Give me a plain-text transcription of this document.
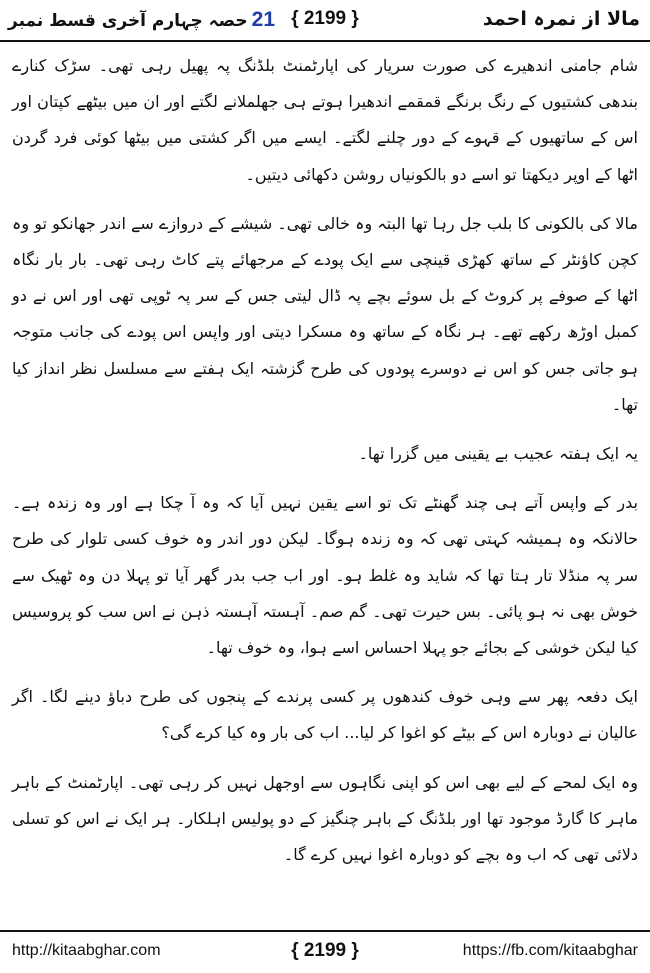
مالا از نمرہ احمد
{ 2199 }
حصہ چہارم آخری قسط نمبر 21

شام جامنی اندھیرے کی صورت سریار کی اپارٹمنٹ بلڈنگ پہ پھیل رہی تھی۔ سڑک کنارے بندھی کشتیوں کے رنگ برنگے قمقمے اندھیرا ہوتے ہی جھلملانے لگتے اور ان میں بیٹھے کپتان اور اس کے ساتھیوں کے قہوے کے دور چلنے لگتے۔ ایسے میں اگر کشتی میں بیٹھا کوئی فرد گردن اٹھا کے اوپر دیکھتا تو اسے دو بالکونیاں روشن دکھائی دیتیں۔

مالا کی بالکونی کا بلب جل رہا تھا البتہ وہ خالی تھی۔ شیشے کے دروازے سے اندر جھانکو تو وہ کچن کاؤنٹر کے ساتھ کھڑی قینچی سے ایک پودے کے مرجھائے پتے کاٹ رہی تھی۔ بار بار نگاہ اٹھا کے صوفے پر کروٹ کے بل سوئے بچے پہ ڈال لیتی جس کے سر پہ ٹوپی تھی اور اس نے دو کمبل اوڑھ رکھے تھے۔ ہر نگاہ کے ساتھ وہ مسکرا دیتی اور واپس اس پودے کی جانب متوجہ ہو جاتی جس کو اس نے دوسرے پودوں کی طرح گزشتہ ایک ہفتے سے مسلسل نظر انداز کیا تھا۔

یہ ایک ہفتہ عجیب بے یقینی میں گزرا تھا۔

بدر کے واپس آتے ہی چند گھنٹے تک تو اسے یقین نہیں آیا کہ وہ آ چکا ہے اور وہ زندہ ہے۔ حالانکہ وہ ہمیشہ کہتی تھی کہ وہ زندہ ہوگا۔ لیکن دور اندر وہ خوف کسی تلوار کی طرح سر پہ منڈلا تار ہتا تھا کہ شاید وہ غلط ہو۔ اور اب جب بدر گھر آیا تو پہلا دن وہ ٹھیک سے خوش بھی نہ ہو پائی۔ بس حیرت تھی۔ گم صم۔ آہستہ آہستہ ذہن نے اس سب کو پروسیس کیا لیکن خوشی کے بجائے جو پہلا احساس اسے ہوا، وہ خوف تھا۔

ایک دفعہ پھر سے وہی خوف کندھوں پر کسی پرندے کے پنجوں کی طرح دباؤ دینے لگا۔ اگر عالیان نے دوبارہ اس کے بیٹے کو اغوا کر لیا... اب کی بار وہ کیا کرے گی؟

وہ ایک لمحے کے لیے بھی اس کو اپنی نگاہوں سے اوجھل نہیں کر رہی تھی۔ اپارٹمنٹ کے باہر ماہر کا گارڈ موجود تھا اور بلڈنگ کے باہر چنگیز کے دو پولیس اہلکار۔ ہر ایک نے اس کو تسلی دلائی تھی کہ اب وہ بچے کو دوبارہ اغوا نہیں کرے گا۔

http://kitaabghar.com	{ 2199 }	https://fb.com/kitaabghar
